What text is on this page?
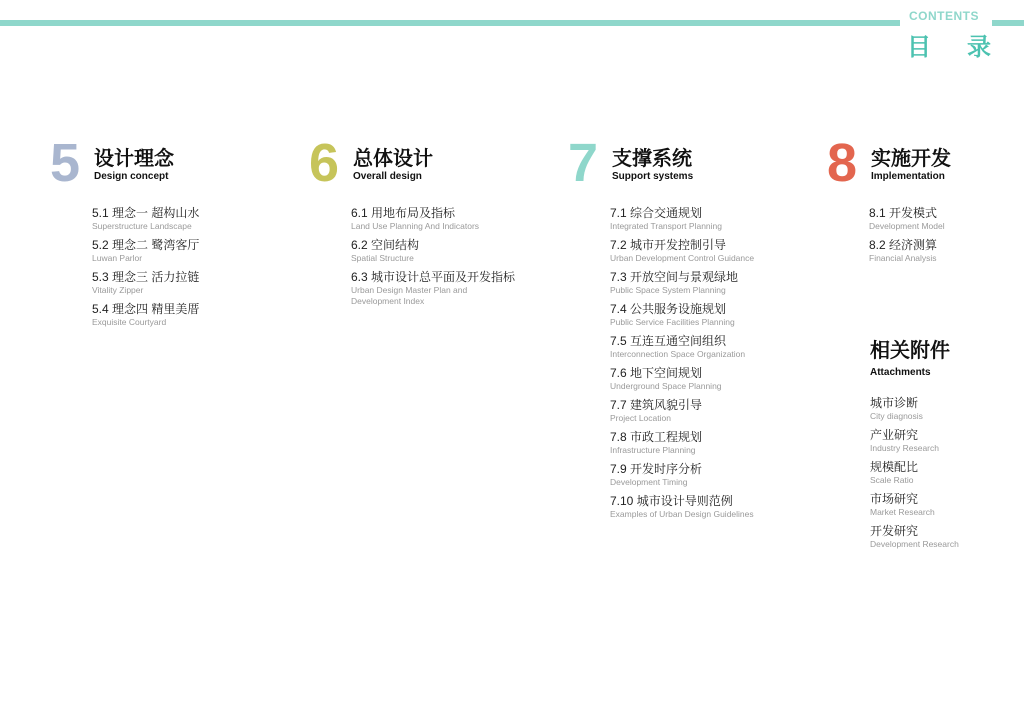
CONTENTS
目 录
5 设计理念
Design concept
5.1 理念一 超构山水
Superstructure Landscape
5.2 理念二 鹭湾客厅
Luwan Parlor
5.3 理念三 活力拉链
Vitality Zipper
5.4 理念四 精里美厝
Exquisite Courtyard
6 总体设计
Overall design
6.1 用地布局及指标
Land Use Planning And Indicators
6.2 空间结构
Spatial Structure
6.3 城市设计总平面及开发指标
Urban Design Master Plan and Development Index
7 支撑系统
Support systems
7.1 综合交通规划
Integrated Transport Planning
7.2 城市开发控制引导
Urban Development Control Guidance
7.3 开放空间与景观绿地
Public Space System Planning
7.4 公共服务设施规划
Public Service Facilities Planning
7.5 互连互通空间组织
Interconnection Space Organization
7.6 地下空间规划
Underground Space Planning
7.7 建筑风貌引导
Project Location
7.8 市政工程规划
Infrastructure Planning
7.9 开发时序分析
Development Timing
7.10 城市设计导则范例
Examples of Urban Design Guidelines
8 实施开发
Implementation
8.1 开发模式
Development Model
8.2 经济测算
Financial Analysis
相关附件
Attachments
城市诊断
City diagnosis
产业研究
Industry Research
规模配比
Scale Ratio
市场研究
Market Research
开发研究
Development Research
